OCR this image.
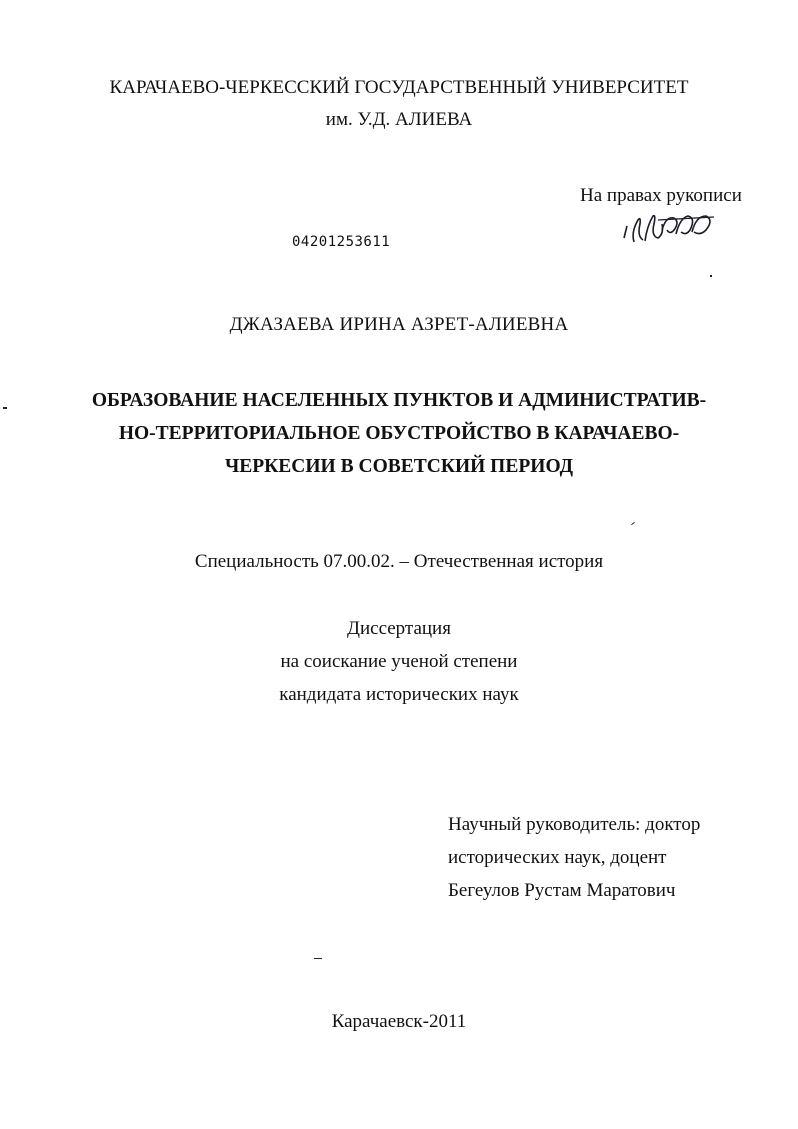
КАРАЧАЕВО-ЧЕРКЕССКИЙ ГОСУДАРСТВЕННЫЙ УНИВЕРСИТЕТ
им. У.Д. АЛИЕВА
На правах рукописи
04201253611
ДЖАЗАЕВА ИРИНА АЗРЕТ-АЛИЕВНА
ОБРАЗОВАНИЕ НАСЕЛЕННЫХ ПУНКТОВ И АДМИНИСТРАТИВ-
НО-ТЕРРИТОРИАЛЬНОЕ ОБУСТРОЙСТВО В КАРАЧАЕВО-
ЧЕРКЕСИИ В СОВЕТСКИЙ ПЕРИОД
Специальность 07.00.02. – Отечественная история
Диссертация
на соискание ученой степени
кандидата исторических наук
Научный руководитель: доктор
исторических наук, доцент
Бегеулов Рустам Маратович
Карачаевск-2011
